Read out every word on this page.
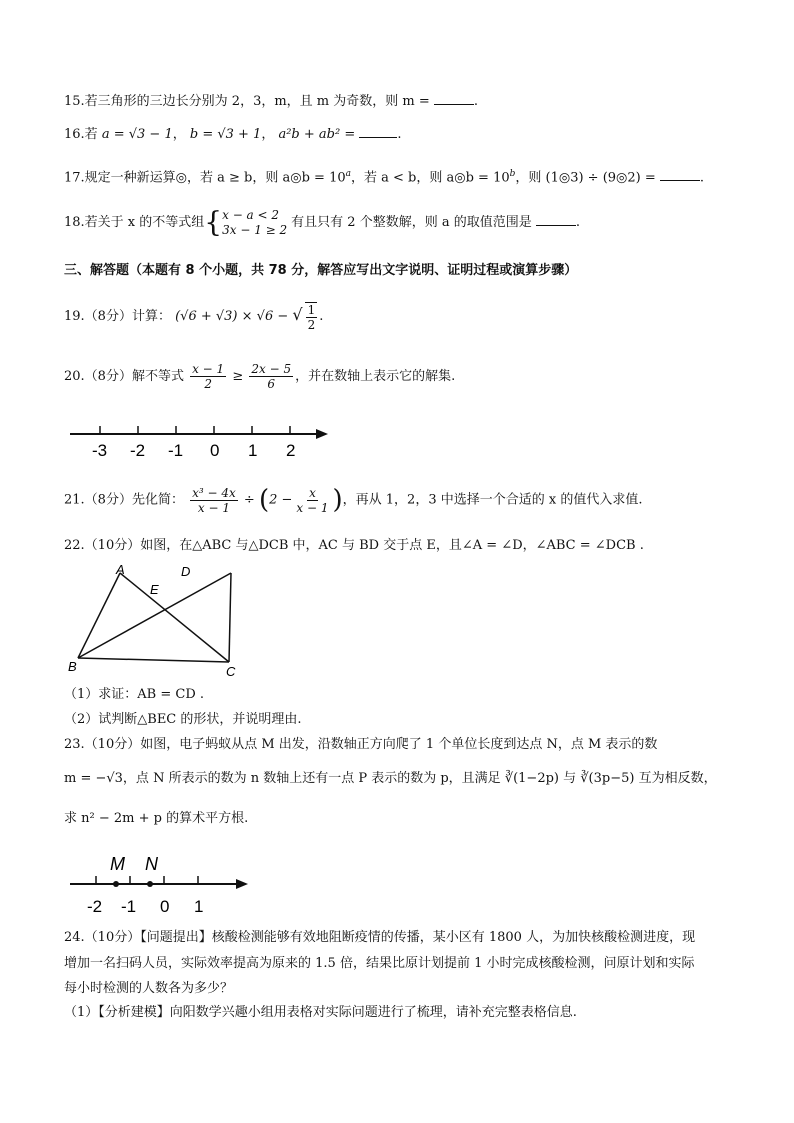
15.若三角形的三边长分别为 2，3，m，且 m 为奇数，则 m =	.
16.若 a = √3 − 1， b = √3 + 1， a²b + ab² =	.
17.规定一种新运算◎，若 a ≥ b，则 a◎b = $10^a$，若 a < b，则 a◎b = $10^b$，则 (1◎3) ÷ (9◎2) =	.
18.若关于 x 的不等式组{ x − a < 2
3x − 1 ≥ 2 有且只有 2 个整数解，则 a 的取值范围是	.
三、解答题（本题有 8 个小题，共 78 分，解答应写出文字说明、证明过程或演算步骤）
19.（8分）计算： (√6 + √3) × √6 − √ $\frac{1}{2}$ .
20.（8分）解不等式 $\frac{x - 1}{2} \ge \frac{2x - 5}{6}$ ，并在数轴上表示它的解集.
-3 -2 -1 0 1 2
21.（8分）先化简： $\frac{\text{x³ − 4x}}{x - 1} \div (2 - \frac{x}{x - 1}$ )，再从 1，2，3 中选择一个合适的 x 的值代入求值.
22.（10分）如图，在△ABC 与△DCB 中，AC 与 BD 交于点 E，且∠A = ∠D，∠ABC = ∠DCB .
A	D
E
B	C
（1）求证：AB = CD .
（2）试判断△BEC 的形状，并说明理由.
23.（10分）如图，电子蚂蚁从点 M 出发，沿数轴正方向爬了 1 个单位长度到达点 N，点 M 表示的数
m = −√3，点 N 所表示的数为 n 数轴上还有一点 P 表示的数为 p，且满足 ∛(1−2p) 与 ∛(3p−5) 互为相反数，
求 n² − 2m + p 的算术平方根.
M N
-2 -1 0 1
24.（10分）【问题提出】核酸检测能够有效地阻断疫情的传播，某小区有 1800 人，为加快核酸检测进度，现
增加一名扫码人员，实际效率提高为原来的 1.5 倍，结果比原计划提前 1 小时完成核酸检测，问原计划和实际
每小时检测的人数各为多少？
（1）【分析建模】向阳数学兴趣小组用表格对实际问题进行了梳理，请补充完整表格信息.
